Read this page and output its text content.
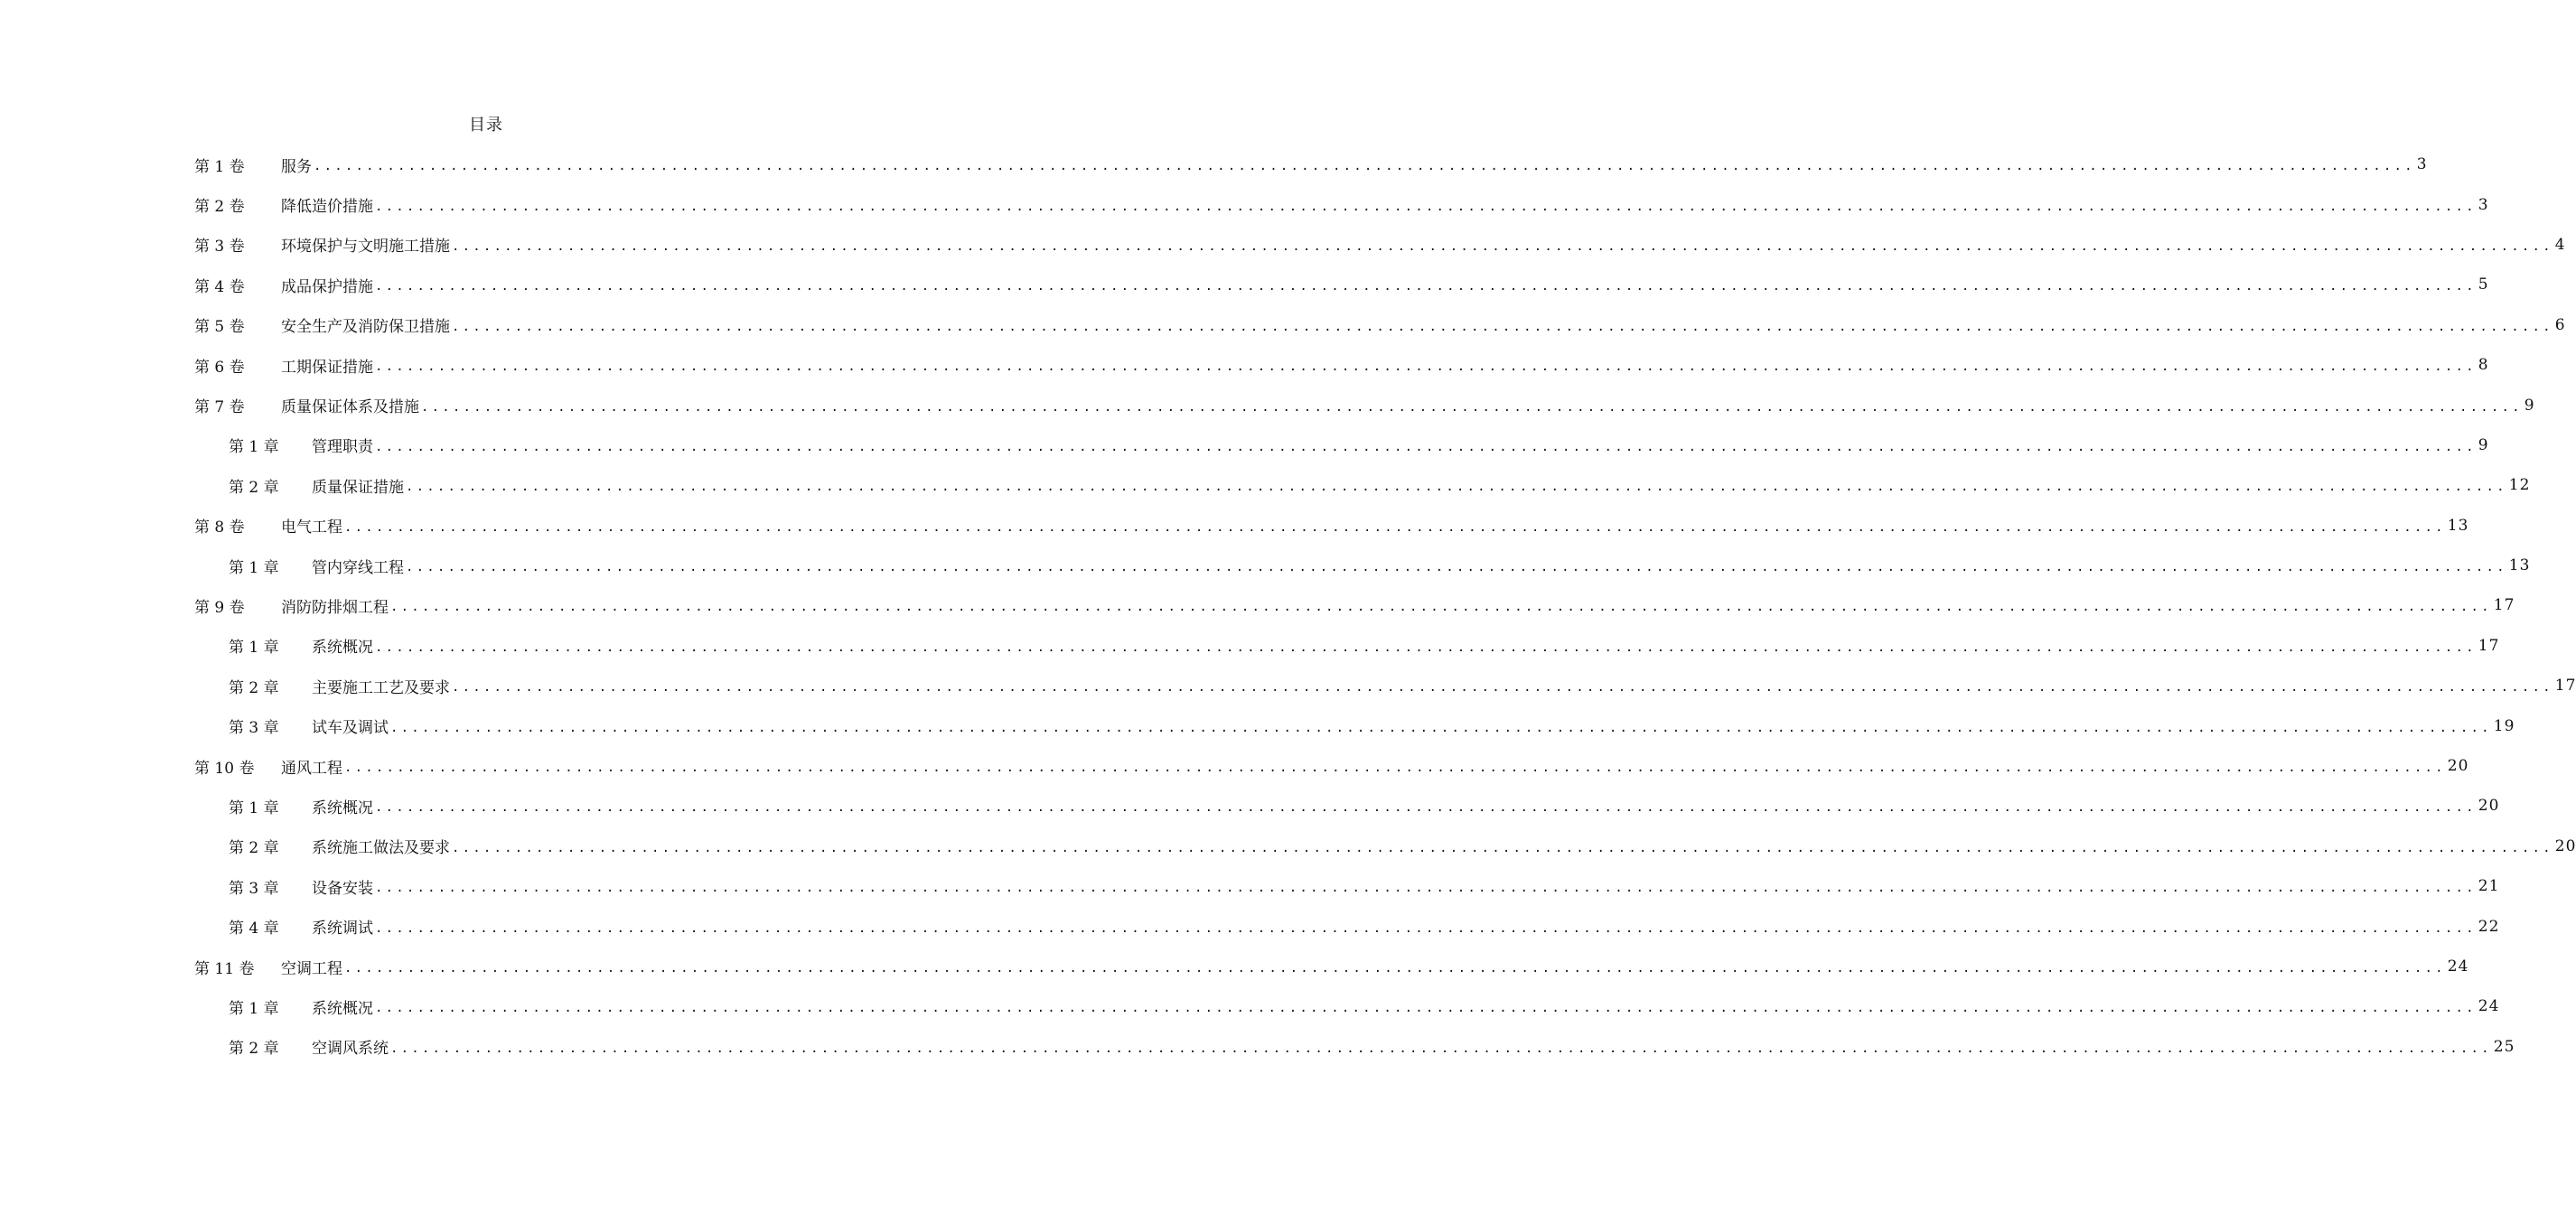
目录
第 1 卷	服务 ........................................................................................................................................................................................................ 3
第 2 卷	降低造价措施 ........................................................................................................................................................................................................ 3
第 3 卷	环境保护与文明施工措施 ........................................................................................................................................................................................................ 4
第 4 卷	成品保护措施 ........................................................................................................................................................................................................ 5
第 5 卷	安全生产及消防保卫措施 ........................................................................................................................................................................................................ 6
第 6 卷	工期保证措施 ........................................................................................................................................................................................................ 8
第 7 卷	质量保证体系及措施 ........................................................................................................................................................................................................ 9
第 1 章	管理职责 ........................................................................................................................................................................................................ 9
第 2 章	质量保证措施 ........................................................................................................................................................................................................ 12
第 8 卷	电气工程 ........................................................................................................................................................................................................ 13
第 1 章	管内穿线工程 ........................................................................................................................................................................................................ 13
第 9 卷	消防防排烟工程 ........................................................................................................................................................................................................ 17
第 1 章	系统概况 ........................................................................................................................................................................................................ 17
第 2 章	主要施工工艺及要求 ........................................................................................................................................................................................................ 17
第 3 章	试车及调试 ........................................................................................................................................................................................................ 19
第 10 卷	通风工程 ........................................................................................................................................................................................................ 20
第 1 章	系统概况 ........................................................................................................................................................................................................ 20
第 2 章	系统施工做法及要求 ........................................................................................................................................................................................................ 20
第 3 章	设备安装 ........................................................................................................................................................................................................ 21
第 4 章	系统调试 ........................................................................................................................................................................................................ 22
第 11 卷	空调工程 ........................................................................................................................................................................................................ 24
第 1 章	系统概况 ........................................................................................................................................................................................................ 24
第 2 章	空调风系统 ........................................................................................................................................................................................................ 25
